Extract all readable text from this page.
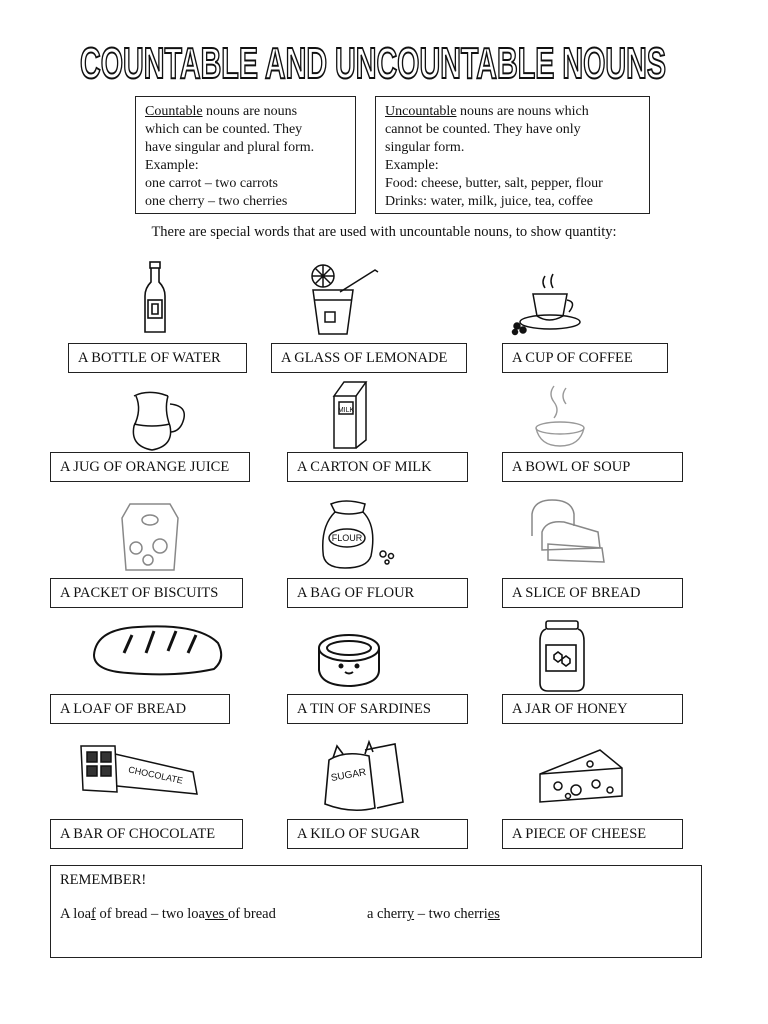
COUNTABLE AND UNCOUNTABLE NOUNS
Countable nouns are nouns
which can be counted. They
have singular and plural form.
Example:
one carrot – two carrots
one cherry – two cherries
Uncountable nouns are nouns which
cannot be counted. They have only
singular form.
Example:
Food: cheese, butter, salt, pepper, flour
Drinks: water, milk, juice, tea, coffee
There are special words that are used with uncountable nouns, to show quantity:
A BOTTLE OF WATER	A GLASS OF LEMONADE	A CUP OF COFFEE
MILK
A JUG OF ORANGE JUICE	A CARTON OF MILK	A BOWL OF SOUP
FLOUR
A PACKET OF BISCUITS	A BAG OF FLOUR	A SLICE OF BREAD
A LOAF OF BREAD	A TIN OF SARDINES	A JAR OF HONEY
CHOCOLATE	SUGAR
A BAR OF CHOCOLATE	A KILO OF SUGAR	A PIECE OF CHEESE
REMEMBER!
A loaf of bread – two loaves of bread	a cherry – two cherries
